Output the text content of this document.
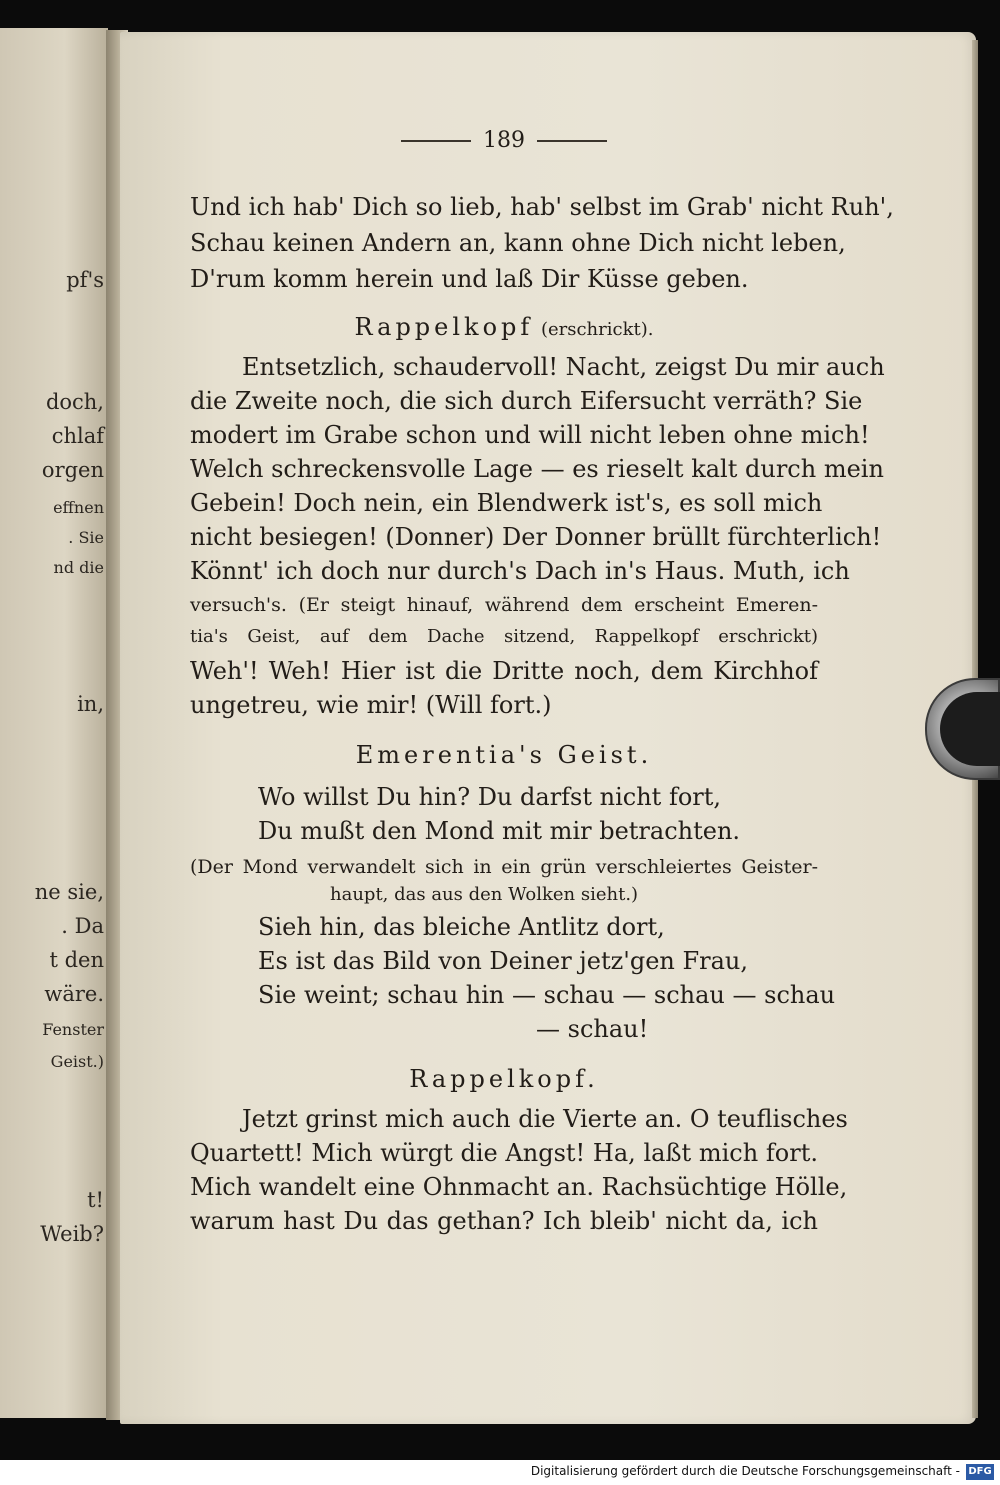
pf's
doch,
chlaf
orgen
effnen
. Sie
nd die
in,
ne sie,
. Da
t den
wäre.
Fenster
Geist.)
t!
Weib?
189
Und ich hab' Dich so lieb, hab' selbst im Grab' nicht Ruh',
Schau keinen Andern an, kann ohne Dich nicht leben,
D'rum komm herein und laß Dir Küsse geben.
Rappelkopf (erschrickt).
Entsetzlich, schaudervoll! Nacht, zeigst Du mir auch
die Zweite noch, die sich durch Eifersucht verräth? Sie
modert im Grabe schon und will nicht leben ohne mich!
Welch schreckensvolle Lage — es rieselt kalt durch mein
Gebein! Doch nein, ein Blendwerk ist's, es soll mich
nicht besiegen! (Donner) Der Donner brüllt fürchterlich!
Könnt' ich doch nur durch's Dach in's Haus. Muth, ich
versuch's. (Er steigt hinauf, während dem erscheint Emeren-
tia's Geist, auf dem Dache sitzend, Rappelkopf erschrickt)
Weh'! Weh! Hier ist die Dritte noch, dem Kirchhof
ungetreu, wie mir! (Will fort.)
Emerentia's Geist.
Wo willst Du hin? Du darfst nicht fort,
Du mußt den Mond mit mir betrachten.
(Der Mond verwandelt sich in ein grün verschleiertes Geister-
haupt, das aus den Wolken sieht.)
Sieh hin, das bleiche Antlitz dort,
Es ist das Bild von Deiner jetz'gen Frau,
Sie weint; schau hin — schau — schau — schau
— schau!
Rappelkopf.
Jetzt grinst mich auch die Vierte an. O teuflisches
Quartett! Mich würgt die Angst! Ha, laßt mich fort.
Mich wandelt eine Ohnmacht an. Rachsüchtige Hölle,
warum hast Du das gethan? Ich bleib' nicht da, ich
Digitalisierung gefördert durch die Deutsche Forschungsgemeinschaft - DFG
